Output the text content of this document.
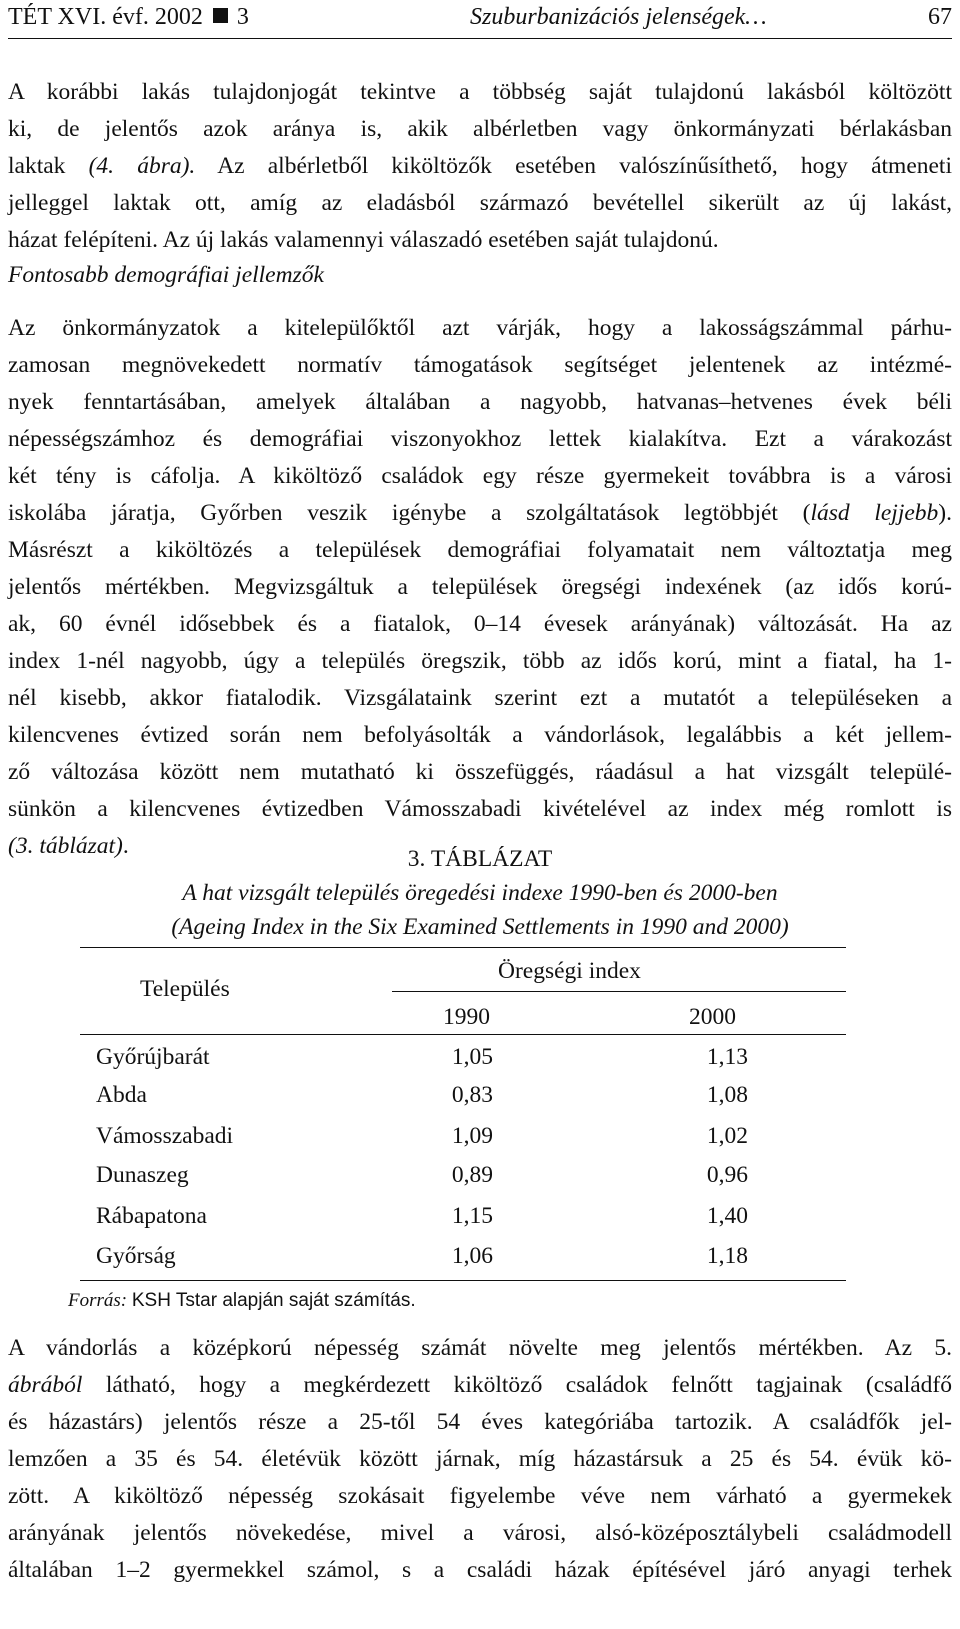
TÉT XVI. évf. 2002 3	Szuburbanizációs jelenségek…	67
A korábbi lakás tulajdonjogát tekintve a többség saját tulajdonú lakásból költözött
ki, de jelentős azok aránya is, akik albérletben vagy önkormányzati bérlakásban
laktak (4. ábra). Az albérletből kiköltözők esetében valószínűsíthető, hogy átmeneti
jelleggel laktak ott, amíg az eladásból származó bevétellel sikerült az új lakást,
házat felépíteni. Az új lakás valamennyi válaszadó esetében saját tulajdonú.
Fontosabb demográfiai jellemzők
Az önkormányzatok a kitelepülőktől azt várják, hogy a lakosságszámmal párhu-
zamosan megnövekedett normatív támogatások segítséget jelentenek az intézmé-
nyek fenntartásában, amelyek általában a nagyobb, hatvanas–hetvenes évek béli
népességszámhoz és demográfiai viszonyokhoz lettek kialakítva. Ezt a várakozást
két tény is cáfolja. A kiköltöző családok egy része gyermekeit továbbra is a városi
iskolába járatja, Győrben veszik igénybe a szolgáltatások legtöbbjét (lásd lejjebb).
Másrészt a kiköltözés a települések demográfiai folyamatait nem változtatja meg
jelentős mértékben. Megvizsgáltuk a települések öregségi indexének (az idős korú-
ak, 60 évnél idősebbek és a fiatalok, 0–14 évesek arányának) változását. Ha az
index 1-nél nagyobb, úgy a település öregszik, több az idős korú, mint a fiatal, ha 1-
nél kisebb, akkor fiatalodik. Vizsgálataink szerint ezt a mutatót a településeken a
kilencvenes évtized során nem befolyásolták a vándorlások, legalábbis a két jellem-
ző változása között nem mutatható ki összefüggés, ráadásul a hat vizsgált települé-
sünkön a kilencvenes évtizedben Vámosszabadi kivételével az index még romlott is
(3. táblázat).	3. TÁBLÁZAT
A hat vizsgált település öregedési indexe 1990-ben és 2000-ben
(Ageing Index in the Six Examined Settlements in 1990 and 2000)
Település
Öregségi index
1990	2000
Győrújbarát	1,05	1,13
Abda	0,83	1,08
Vámosszabadi	1,09	1,02
Dunaszeg	0,89	0,96
Rábapatona	1,15	1,40
Győrság	1,06	1,18
Forrás: KSH Tstar alapján saját számítás.
A vándorlás a középkorú népesség számát növelte meg jelentős mértékben. Az 5.
ábrából látható, hogy a megkérdezett kiköltöző családok felnőtt tagjainak (családfő
és házastárs) jelentős része a 25-től 54 éves kategóriába tartozik. A családfők jel-
lemzően a 35 és 54. életévük között járnak, míg házastársuk a 25 és 54. évük kö-
zött. A kiköltöző népesség szokásait figyelembe véve nem várható a gyermekek
arányának jelentős növekedése, mivel a városi, alsó-középosztálybeli családmodell
általában 1–2 gyermekkel számol, s a családi házak építésével járó anyagi terhek
